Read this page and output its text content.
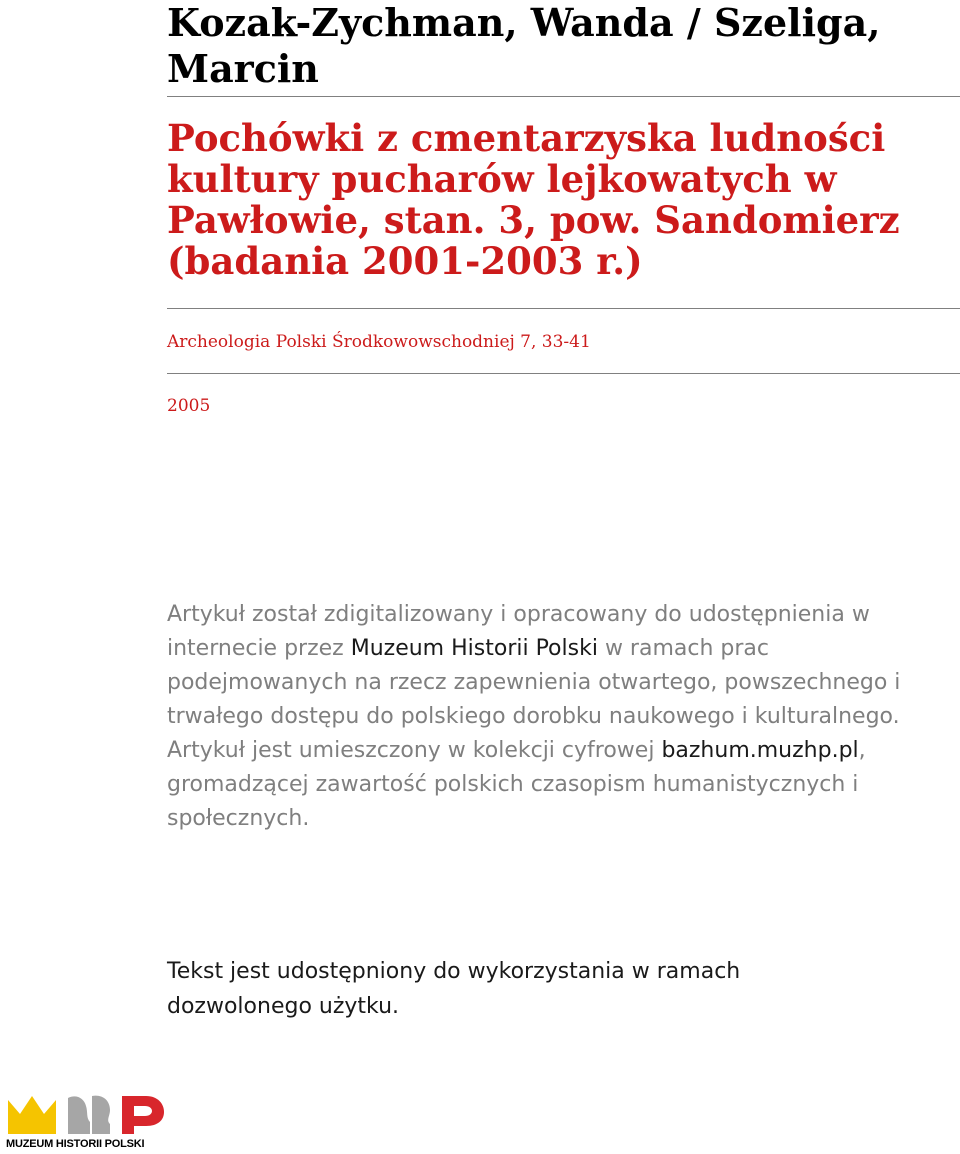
Kozak-Zychman, Wanda / Szeliga, Marcin
Pochówki z cmentarzyska ludności kultury pucharów lejkowatych w Pawłowie, stan. 3, pow. Sandomierz (badania 2001-2003 r.)
Archeologia Polski Środkowowschodniej 7, 33-41
2005

Artykuł został zdigitalizowany i opracowany do udostępnienia w internecie przez Muzeum Historii Polski w ramach prac podejmowanych na rzecz zapewnienia otwartego, powszechnego i trwałego dostępu do polskiego dorobku naukowego i kulturalnego. Artykuł jest umieszczony w kolekcji cyfrowej bazhum.muzhp.pl, gromadzącej zawartość polskich czasopism humanistycznych i społecznych.

Tekst jest udostępniony do wykorzystania w ramach dozwolonego użytku.

MUZEUM HISTORII POLSKI
